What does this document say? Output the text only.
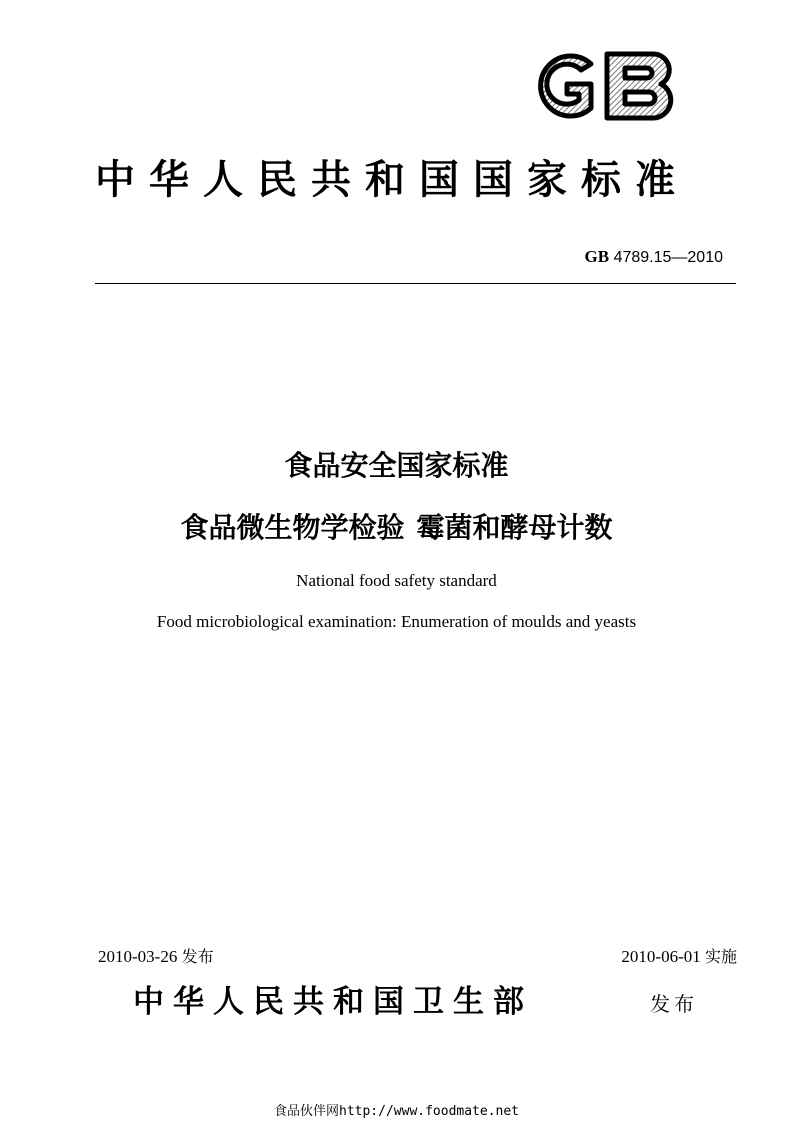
中华人民共和国国家标准
GB 4789.15—2010
食品安全国家标准
食品微生物学检验 霉菌和酵母计数

National food safety standard

Food microbiological examination: Enumeration of moulds and yeasts

2010-03-26 发布	2010-06-01 实施
中华人民共和国卫生部	发布
食品伙伴网http://www.foodmate.net
